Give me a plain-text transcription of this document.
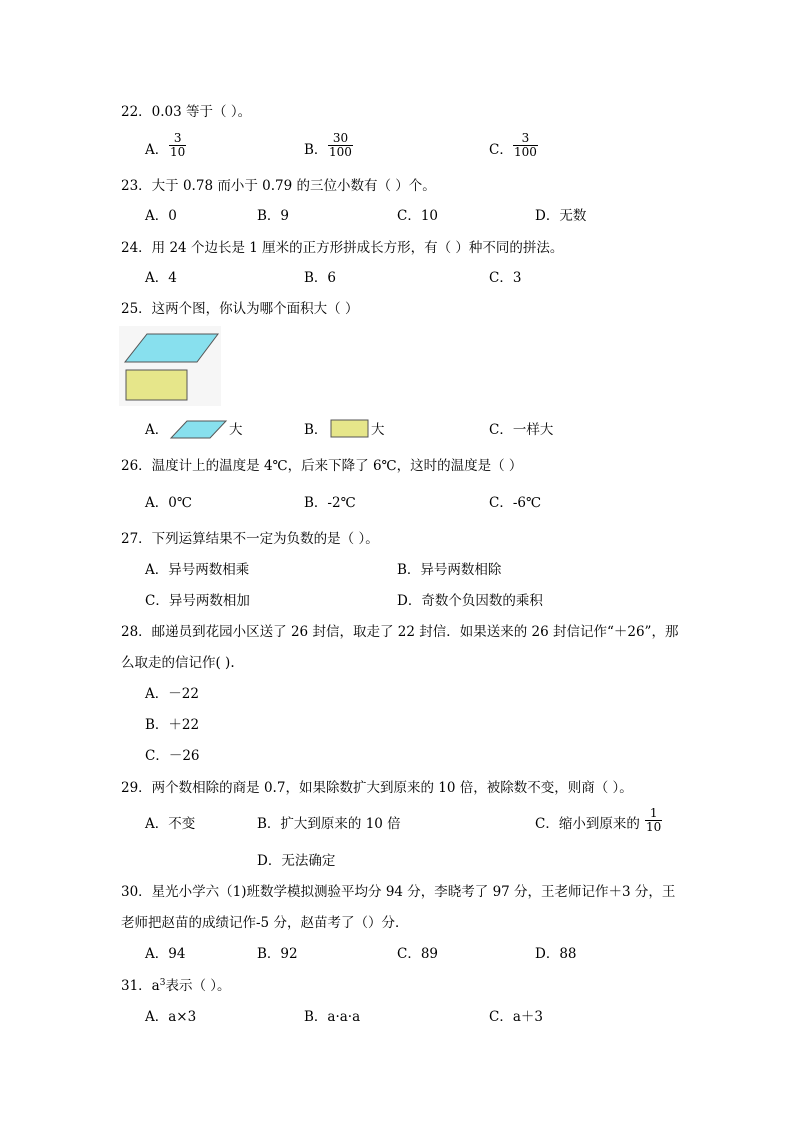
22．0.03 等于（ ）。
A． $\frac{3}{10}$	B． $\frac{30}{100}$	C． $\frac{3}{100}$
23．大于 0.78 而小于 0.79 的三位小数有（ ）个。
A．0	B．9	C．10	D．无数
24．用 24 个边长是 1 厘米的正方形拼成长方形，有（ ）种不同的拼法。
A．4	B．6	C．3
25．这两个图，你认为哪个面积大（ ）
A．	大	B．	大	C．一样大
26．温度计上的温度是 4℃，后来下降了 6℃，这时的温度是（ ）
A．0℃	B．-2℃	C．-6℃
27．下列运算结果不一定为负数的是（ ）。
A．异号两数相乘	B．异号两数相除
C．异号两数相加	D．奇数个负因数的乘积
28．邮递员到花园小区送了 26 封信，取走了 22 封信．如果送来的 26 封信记作“＋26”，那
么取走的信记作( ).
A．－22
B．＋22
C．－26
29．两个数相除的商是 0.7，如果除数扩大到原来的 10 倍，被除数不变，则商（ ）。
A．不变	B．扩大到原来的 10 倍	C．缩小到原来的 $\frac{1}{10}$
D．无法确定
30．星光小学六（1)班数学模拟测验平均分 94 分，李晓考了 97 分，王老师记作＋3 分，王
老师把赵苗的成绩记作-5 分，赵苗考了（）分．
A．94	B．92	C．89	D．88
31．$a^3$表示（ ）。
A．a×3	B．a·a·a	C．a＋3
